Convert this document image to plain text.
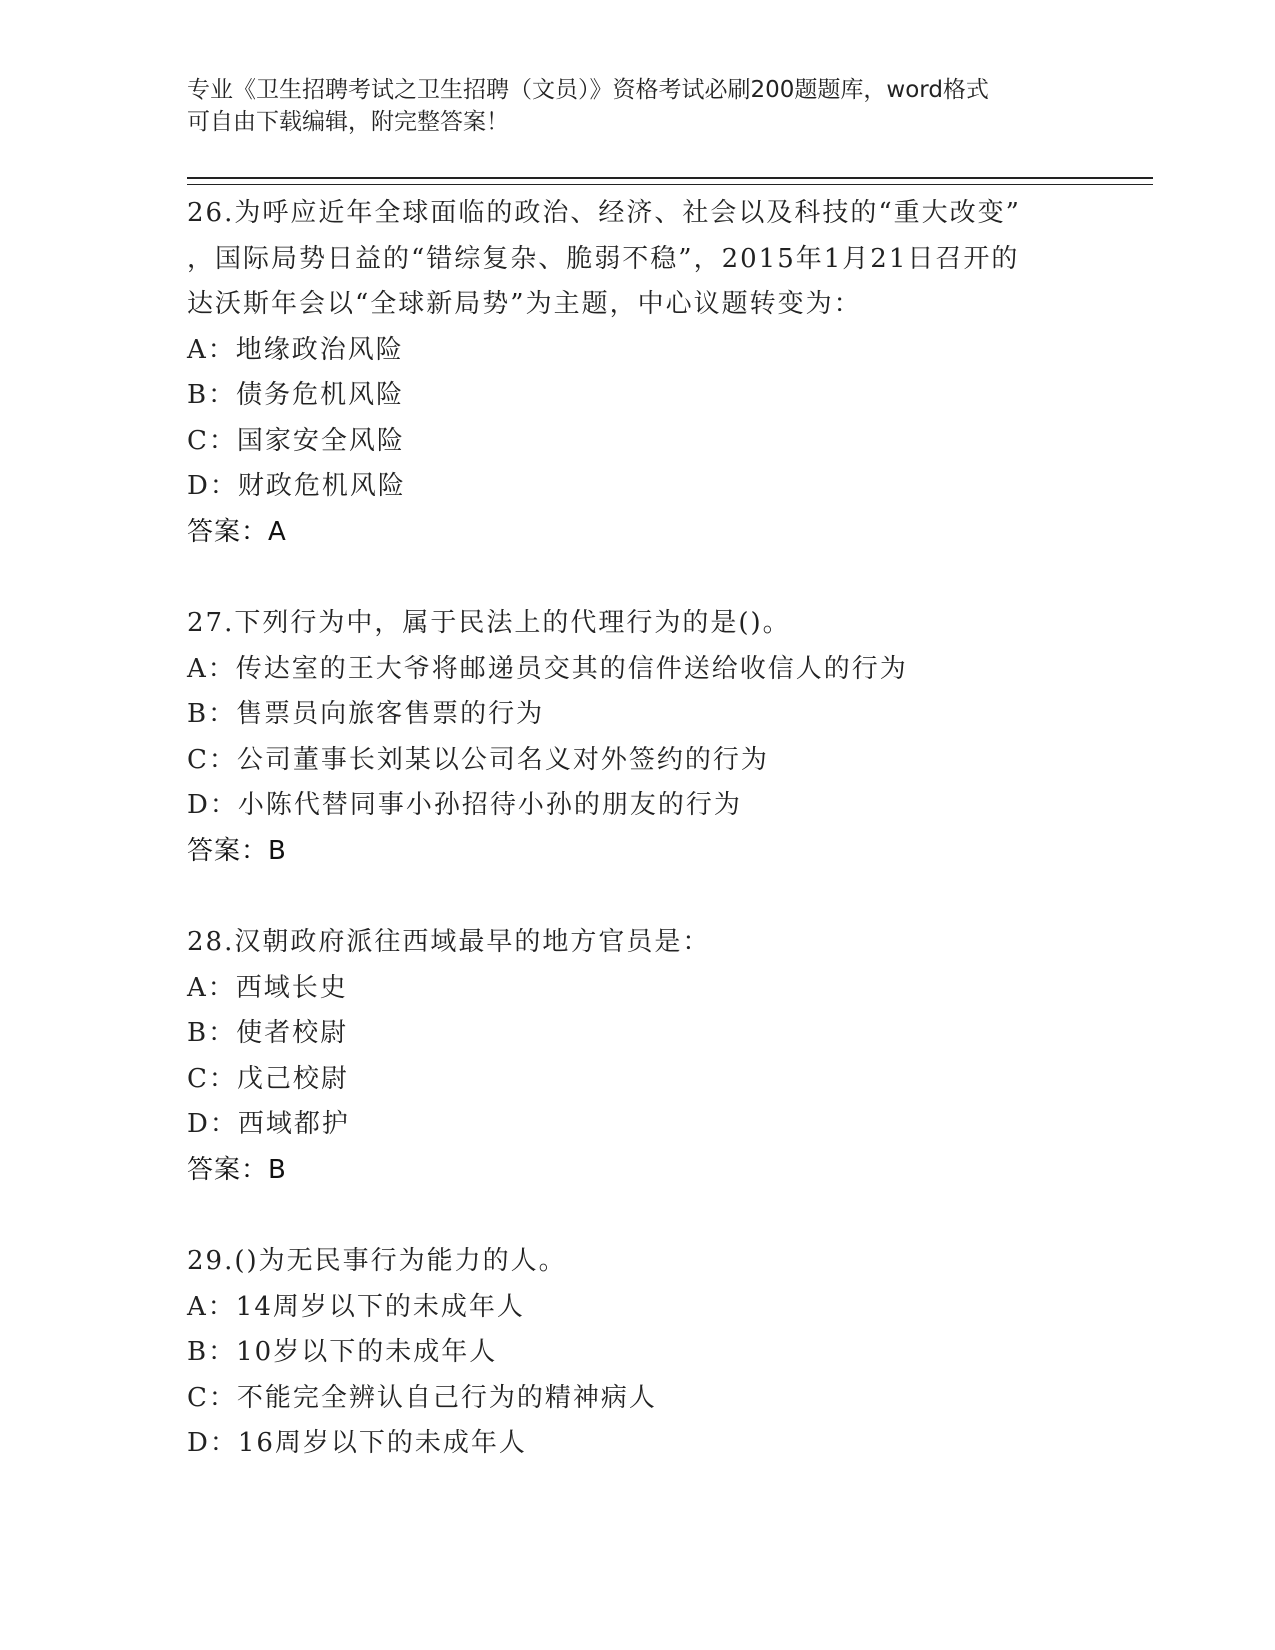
专业《卫生招聘考试之卫生招聘（文员）》资格考试必刷200题题库，word格式

可自由下载编辑，附完整答案！

26.为呼应近年全球面临的政治、经济、社会以及科技的“重大改变”

，国际局势日益的“错综复杂、脆弱不稳”，2015年1月21日召开的

达沃斯年会以“全球新局势”为主题，中心议题转变为：

A：地缘政治风险

B：债务危机风险

C：国家安全风险

D：财政危机风险

答案：A

27.下列行为中，属于民法上的代理行为的是()。

A：传达室的王大爷将邮递员交其的信件送给收信人的行为

B：售票员向旅客售票的行为

C：公司董事长刘某以公司名义对外签约的行为

D：小陈代替同事小孙招待小孙的朋友的行为

答案：B

28.汉朝政府派往西域最早的地方官员是：

A：西域长史

B：使者校尉

C：戊己校尉

D：西域都护

答案：B

29.()为无民事行为能力的人。

A：14周岁以下的未成年人

B：10岁以下的未成年人

C：不能完全辨认自己行为的精神病人

D：16周岁以下的未成年人
